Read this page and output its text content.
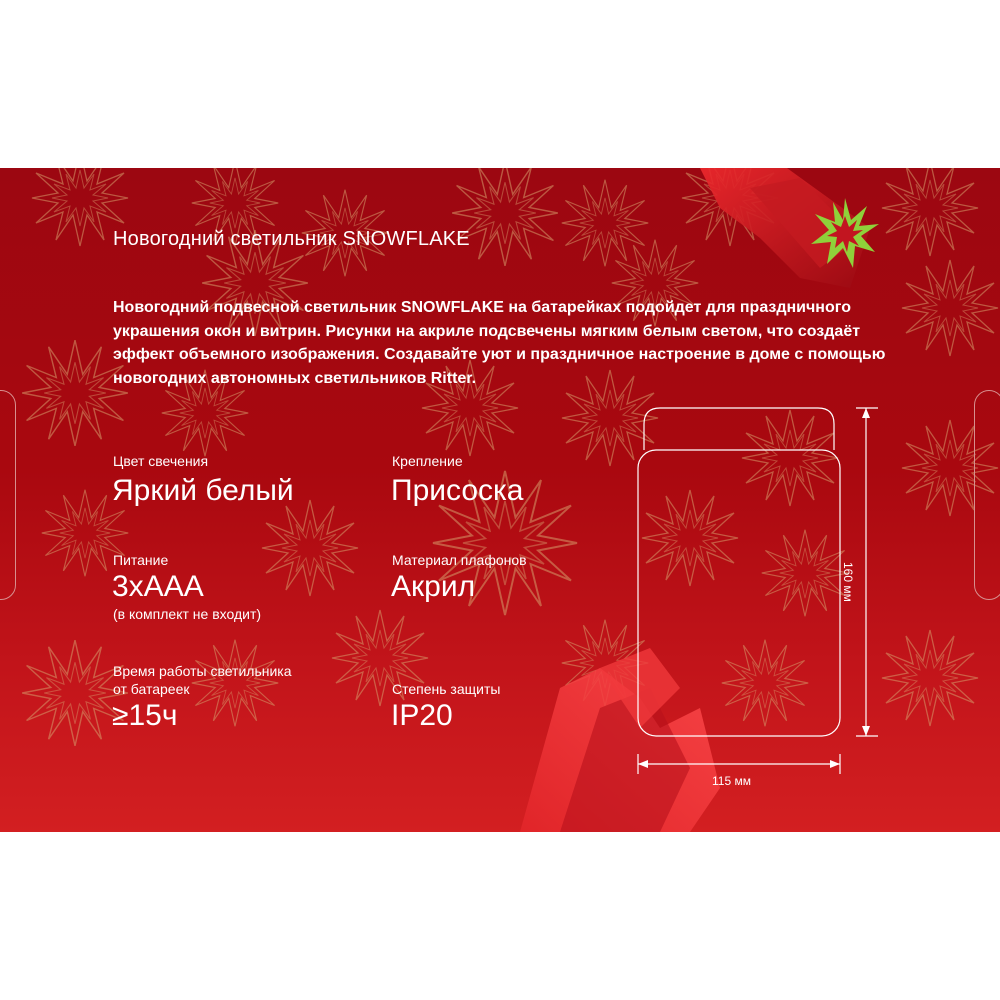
Новогодний светильник SNOWFLAKE

Новогодний подвесной светильник SNOWFLAKE на батарейках подойдет для праздничного украшения окон и витрин. Рисунки на акриле подсвечены мягким белым светом, что создаёт эффект объемного изображения. Создавайте уют и праздничное настроение в доме с помощью новогодних автономных светильников Ritter.

Цвет свечения
Яркий белый
Крепление
Присоска
Питание
3хААА
(в комплект не входит)
Материал плафонов
Акрил
Время работы светильника
от батареек
≥15ч
Степень защиты
IP20
160 мм
115 мм
